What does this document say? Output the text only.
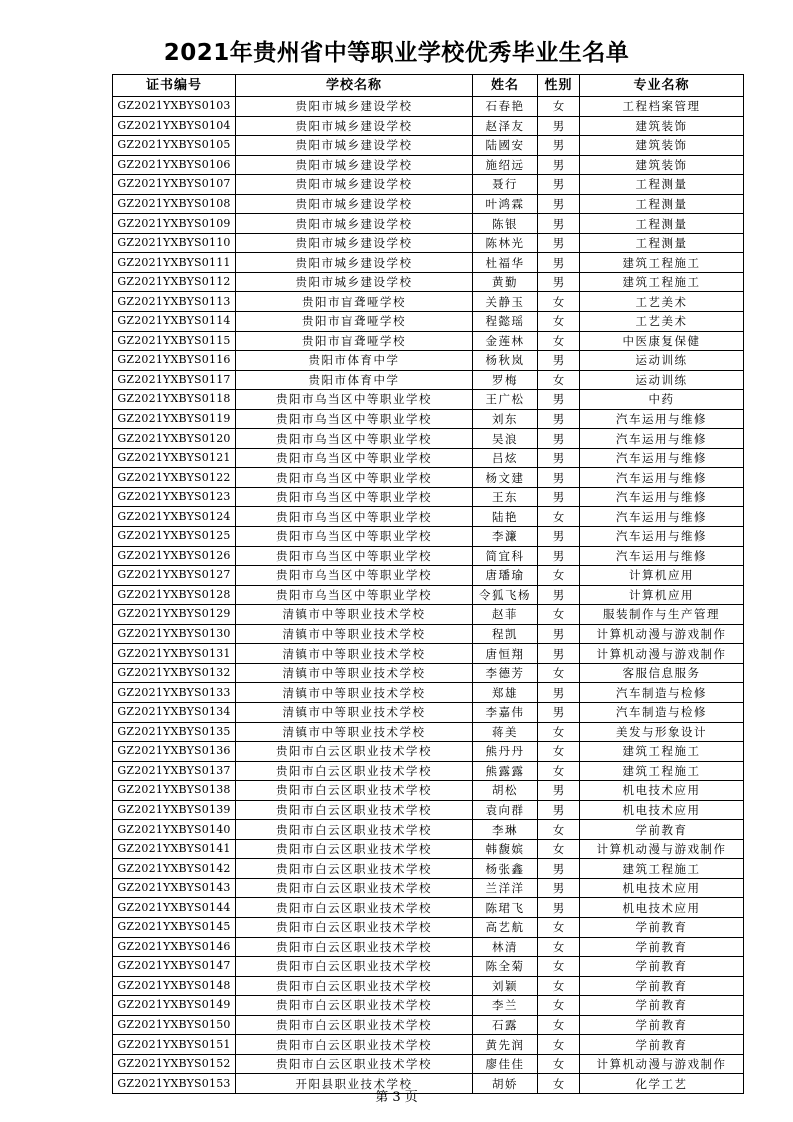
2021年贵州省中等职业学校优秀毕业生名单
证书编号	学校名称	姓名	性别	专业名称
GZ2021YXBYS0103	贵阳市城乡建设学校	石春艳	女	工程档案管理
GZ2021YXBYS0104	贵阳市城乡建设学校	赵泽友	男	建筑装饰
GZ2021YXBYS0105	贵阳市城乡建设学校	陆國安	男	建筑装饰
GZ2021YXBYS0106	贵阳市城乡建设学校	施绍远	男	建筑装饰
GZ2021YXBYS0107	贵阳市城乡建设学校	聂行	男	工程测量
GZ2021YXBYS0108	贵阳市城乡建设学校	叶鸿霖	男	工程测量
GZ2021YXBYS0109	贵阳市城乡建设学校	陈银	男	工程测量
GZ2021YXBYS0110	贵阳市城乡建设学校	陈林光	男	工程测量
GZ2021YXBYS0111	贵阳市城乡建设学校	杜福华	男	建筑工程施工
GZ2021YXBYS0112	贵阳市城乡建设学校	黄勤	男	建筑工程施工
GZ2021YXBYS0113	贵阳市盲聋哑学校	关静玉	女	工艺美术
GZ2021YXBYS0114	贵阳市盲聋哑学校	程懿瑶	女	工艺美术
GZ2021YXBYS0115	贵阳市盲聋哑学校	金莲林	女	中医康复保健
GZ2021YXBYS0116	贵阳市体育中学	杨秋岚	男	运动训练
GZ2021YXBYS0117	贵阳市体育中学	罗梅	女	运动训练
GZ2021YXBYS0118	贵阳市乌当区中等职业学校	王广松	男	中药
GZ2021YXBYS0119	贵阳市乌当区中等职业学校	刘东	男	汽车运用与维修
GZ2021YXBYS0120	贵阳市乌当区中等职业学校	吴浪	男	汽车运用与维修
GZ2021YXBYS0121	贵阳市乌当区中等职业学校	吕炫	男	汽车运用与维修
GZ2021YXBYS0122	贵阳市乌当区中等职业学校	杨文建	男	汽车运用与维修
GZ2021YXBYS0123	贵阳市乌当区中等职业学校	王东	男	汽车运用与维修
GZ2021YXBYS0124	贵阳市乌当区中等职业学校	陆艳	女	汽车运用与维修
GZ2021YXBYS0125	贵阳市乌当区中等职业学校	李濂	男	汽车运用与维修
GZ2021YXBYS0126	贵阳市乌当区中等职业学校	简宜科	男	汽车运用与维修
GZ2021YXBYS0127	贵阳市乌当区中等职业学校	唐璠瑜	女	计算机应用
GZ2021YXBYS0128	贵阳市乌当区中等职业学校	令狐飞杨	男	计算机应用
GZ2021YXBYS0129	清镇市中等职业技术学校	赵菲	女	服装制作与生产管理
GZ2021YXBYS0130	清镇市中等职业技术学校	程凯	男	计算机动漫与游戏制作
GZ2021YXBYS0131	清镇市中等职业技术学校	唐恒翔	男	计算机动漫与游戏制作
GZ2021YXBYS0132	清镇市中等职业技术学校	李德芳	女	客服信息服务
GZ2021YXBYS0133	清镇市中等职业技术学校	郑雄	男	汽车制造与检修
GZ2021YXBYS0134	清镇市中等职业技术学校	李嘉伟	男	汽车制造与检修
GZ2021YXBYS0135	清镇市中等职业技术学校	蒋美	女	美发与形象设计
GZ2021YXBYS0136	贵阳市白云区职业技术学校	熊丹丹	女	建筑工程施工
GZ2021YXBYS0137	贵阳市白云区职业技术学校	熊露露	女	建筑工程施工
GZ2021YXBYS0138	贵阳市白云区职业技术学校	胡松	男	机电技术应用
GZ2021YXBYS0139	贵阳市白云区职业技术学校	袁向群	男	机电技术应用
GZ2021YXBYS0140	贵阳市白云区职业技术学校	李琳	女	学前教育
GZ2021YXBYS0141	贵阳市白云区职业技术学校	韩馥嫔	女	计算机动漫与游戏制作
GZ2021YXBYS0142	贵阳市白云区职业技术学校	杨张鑫	男	建筑工程施工
GZ2021YXBYS0143	贵阳市白云区职业技术学校	兰洋洋	男	机电技术应用
GZ2021YXBYS0144	贵阳市白云区职业技术学校	陈珺飞	男	机电技术应用
GZ2021YXBYS0145	贵阳市白云区职业技术学校	高艺航	女	学前教育
GZ2021YXBYS0146	贵阳市白云区职业技术学校	林清	女	学前教育
GZ2021YXBYS0147	贵阳市白云区职业技术学校	陈全菊	女	学前教育
GZ2021YXBYS0148	贵阳市白云区职业技术学校	刘颖	女	学前教育
GZ2021YXBYS0149	贵阳市白云区职业技术学校	李兰	女	学前教育
GZ2021YXBYS0150	贵阳市白云区职业技术学校	石露	女	学前教育
GZ2021YXBYS0151	贵阳市白云区职业技术学校	黄先润	女	学前教育
GZ2021YXBYS0152	贵阳市白云区职业技术学校	廖佳佳	女	计算机动漫与游戏制作
GZ2021YXBYS0153	开阳县职业技术学校	胡娇	女	化学工艺
第 3 页
